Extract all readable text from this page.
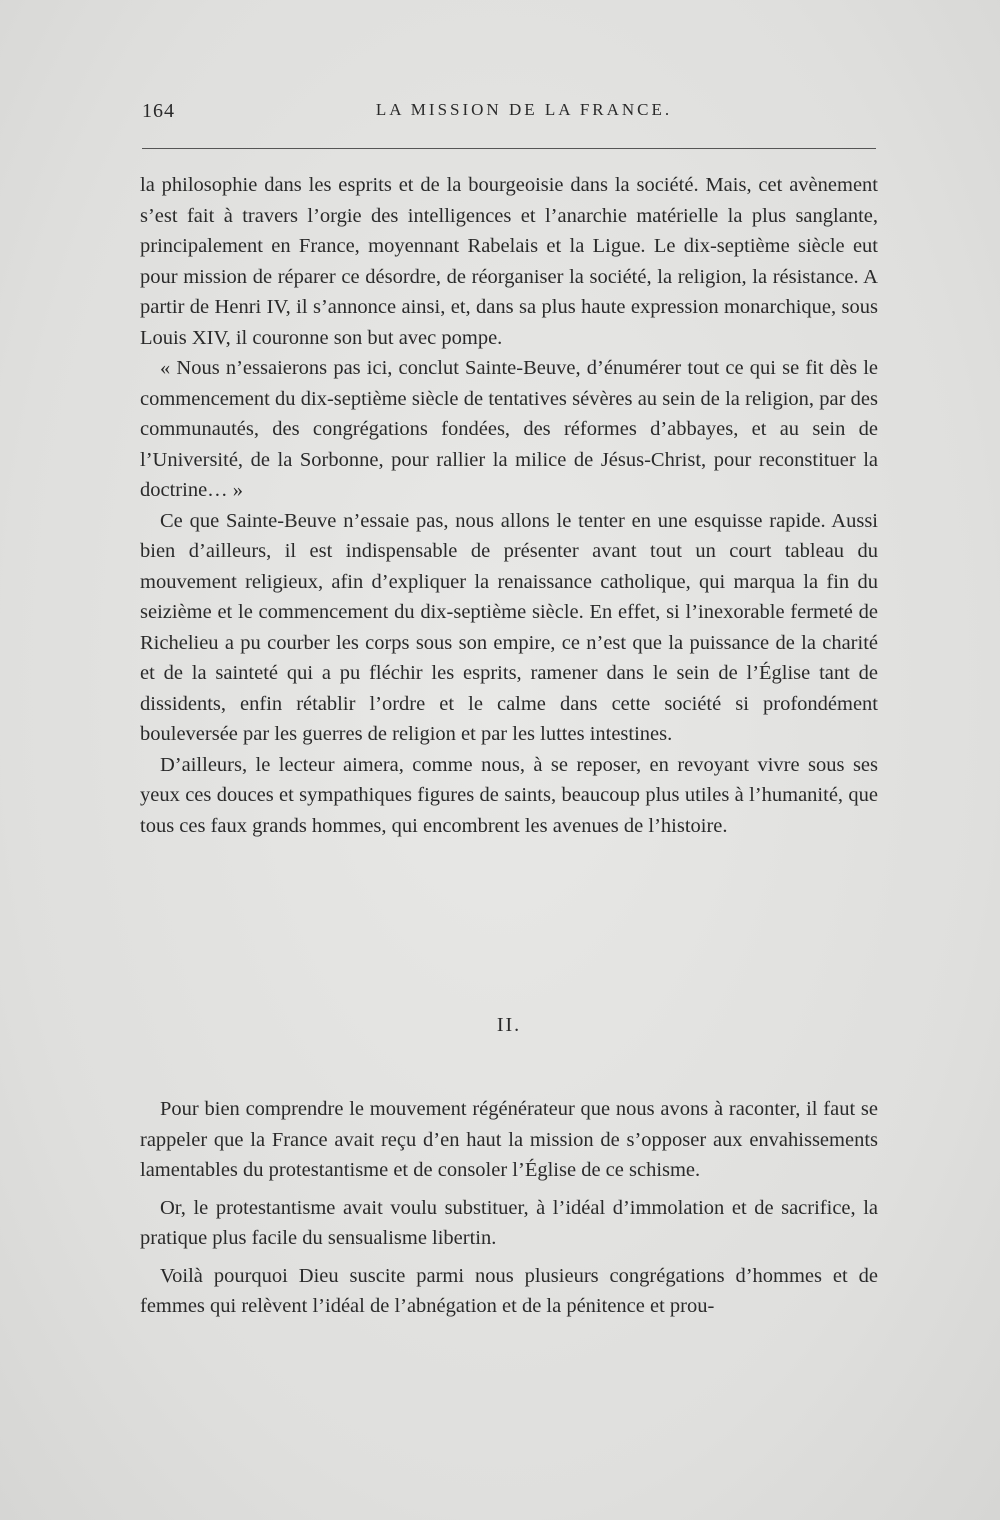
164	LA MISSION DE LA FRANCE.

la philosophie dans les esprits et de la bourgeoisie dans la société. Mais, cet avènement s’est fait à travers l’orgie des intelligences et l’anarchie matérielle la plus sanglante, principalement en France, moyennant Rabelais et la Ligue. Le dix-septième siècle eut pour mission de réparer ce désordre, de réorganiser la société, la religion, la résistance. A partir de Henri IV, il s’annonce ainsi, et, dans sa plus haute expression monarchique, sous Louis XIV, il couronne son but avec pompe.

« Nous n’essaierons pas ici, conclut Sainte-Beuve, d’énumérer tout ce qui se fit dès le commencement du dix-septième siècle de tentatives sévères au sein de la religion, par des communautés, des congrégations fondées, des réformes d’abbayes, et au sein de l’Université, de la Sorbonne, pour rallier la milice de Jésus-Christ, pour reconstituer la doctrine… »

Ce que Sainte-Beuve n’essaie pas, nous allons le tenter en une esquisse rapide. Aussi bien d’ailleurs, il est indispensable de présenter avant tout un court tableau du mouvement religieux, afin d’expliquer la renaissance catholique, qui marqua la fin du seizième et le commencement du dix-septième siècle. En effet, si l’inexorable fermeté de Richelieu a pu courber les corps sous son empire, ce n’est que la puissance de la charité et de la sainteté qui a pu fléchir les esprits, ramener dans le sein de l’Église tant de dissidents, enfin rétablir l’ordre et le calme dans cette société si profondément bouleversée par les guerres de religion et par les luttes intestines.

D’ailleurs, le lecteur aimera, comme nous, à se reposer, en revoyant vivre sous ses yeux ces douces et sympathiques figures de saints, beaucoup plus utiles à l’humanité, que tous ces faux grands hommes, qui encombrent les avenues de l’histoire.

II.

Pour bien comprendre le mouvement régénérateur que nous avons à raconter, il faut se rappeler que la France avait reçu d’en haut la mission de s’opposer aux envahissements lamentables du protestantisme et de consoler l’Église de ce schisme.

Or, le protestantisme avait voulu substituer, à l’idéal d’immolation et de sacrifice, la pratique plus facile du sensualisme libertin.

Voilà pourquoi Dieu suscite parmi nous plusieurs congrégations d’hommes et de femmes qui relèvent l’idéal de l’abnégation et de la pénitence et prou-
